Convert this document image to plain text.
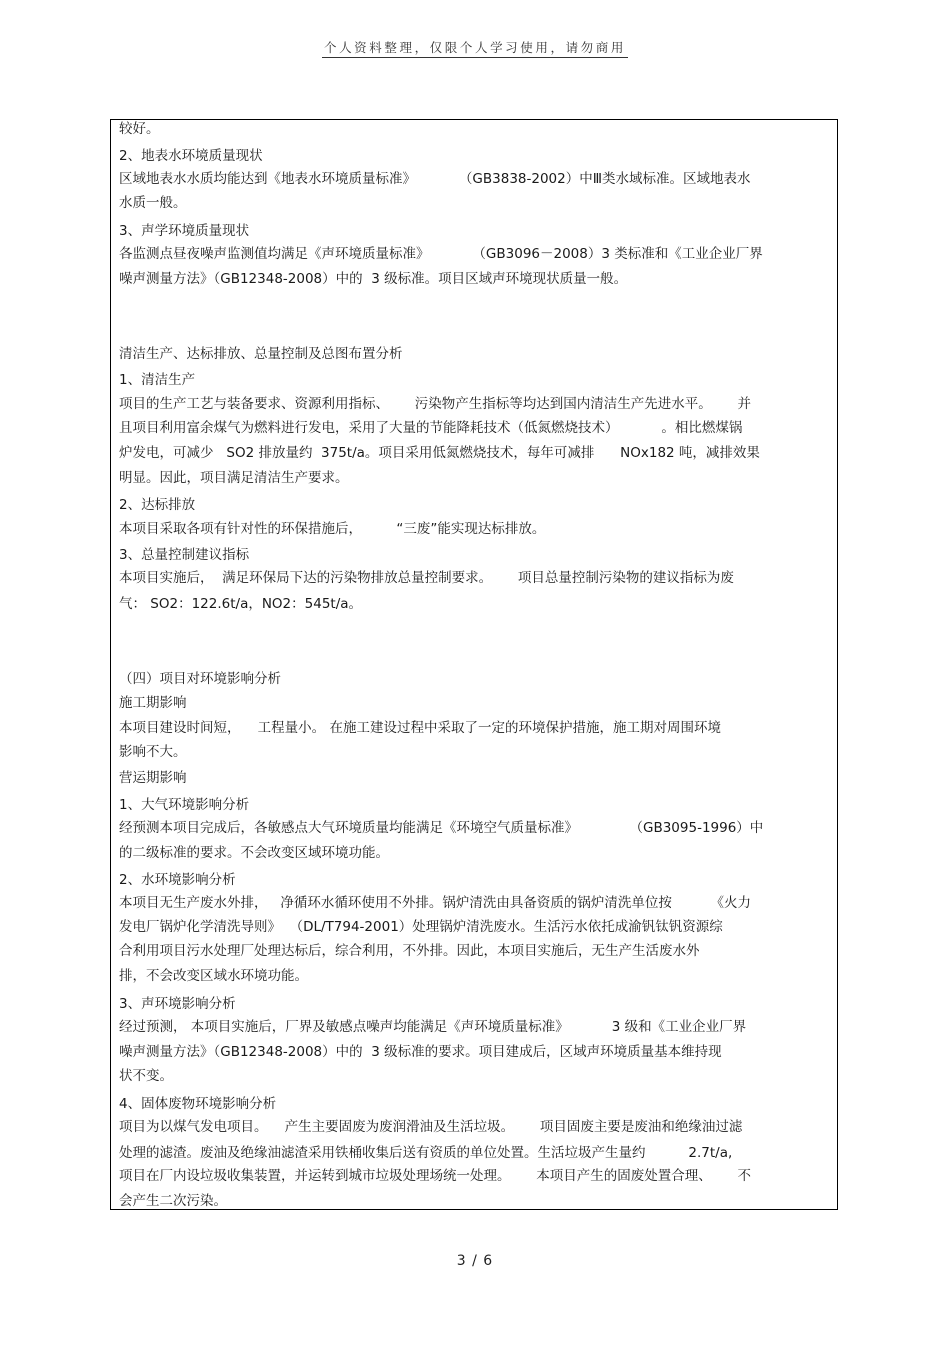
个人资料整理，仅限个人学习使用，请勿商用
较好。
2、地表水环境质量现状
区域地表水水质均能达到《地表水环境质量标准》          （GB3838-2002）中Ⅲ类水域标准。区域地表水
水质一般。
3、声学环境质量现状
各监测点昼夜噪声监测值均满足《声环境质量标准》          （GB3096－2008）3 类标准和《工业企业厂界
噪声测量方法》（GB12348-2008）中的  3 级标准。项目区域声环境现状质量一般。
清洁生产、达标排放、总量控制及总图布置分析
1、清洁生产
项目的生产工艺与装备要求、资源利用指标、      污染物产生指标等均达到国内清洁生产先进水平。      并
且项目利用富余煤气为燃料进行发电，采用了大量的节能降耗技术（低氮燃烧技术）          。相比燃煤锅
炉发电，可减少   SO2 排放量约  375t/a。项目采用低氮燃烧技术，每年可减排      NOx182 吨，减排效果
明显。因此，项目满足清洁生产要求。
2、达标排放
本项目采取各项有针对性的环保措施后，        “三废”能实现达标排放。
3、总量控制建议指标
本项目实施后，  满足环保局下达的污染物排放总量控制要求。      项目总量控制污染物的建议指标为废
气： SO2：122.6t/a，NO2：545t/a。
（四）项目对环境影响分析
施工期影响
本项目建设时间短，    工程量小。 在施工建设过程中采取了一定的环境保护措施，施工期对周围环境
影响不大。
营运期影响
1、大气环境影响分析
经预测本项目完成后，各敏感点大气环境质量均能满足《环境空气质量标准》            （GB3095-1996）中
的二级标准的要求。不会改变区域环境功能。
2、水环境影响分析
本项目无生产废水外排，   净循环水循环使用不外排。锅炉清洗由具备资质的锅炉清洗单位按         《火力
发电厂锅炉化学清洗导则》  （DL/T794-2001）处理锅炉清洗废水。生活污水依托成渝钒钛钒资源综
合利用项目污水处理厂处理达标后，综合利用，不外排。因此，本项目实施后，无生产生活废水外
排，不会改变区域水环境功能。
3、声环境影响分析
经过预测， 本项目实施后，厂界及敏感点噪声均能满足《声环境质量标准》          3 级和《工业企业厂界
噪声测量方法》（GB12348-2008）中的  3 级标准的要求。项目建成后，区域声环境质量基本维持现
状不变。
4、固体废物环境影响分析
项目为以煤气发电项目。    产生主要固废为废润滑油及生活垃圾。      项目固废主要是废油和绝缘油过滤
处理的滤渣。废油及绝缘油滤渣采用铁桶收集后送有资质的单位处置。生活垃圾产生量约          2.7t/a,
项目在厂内设垃圾收集装置，并运转到城市垃圾处理场统一处理。      本项目产生的固废处置合理、      不
会产生二次污染。
3 / 6
